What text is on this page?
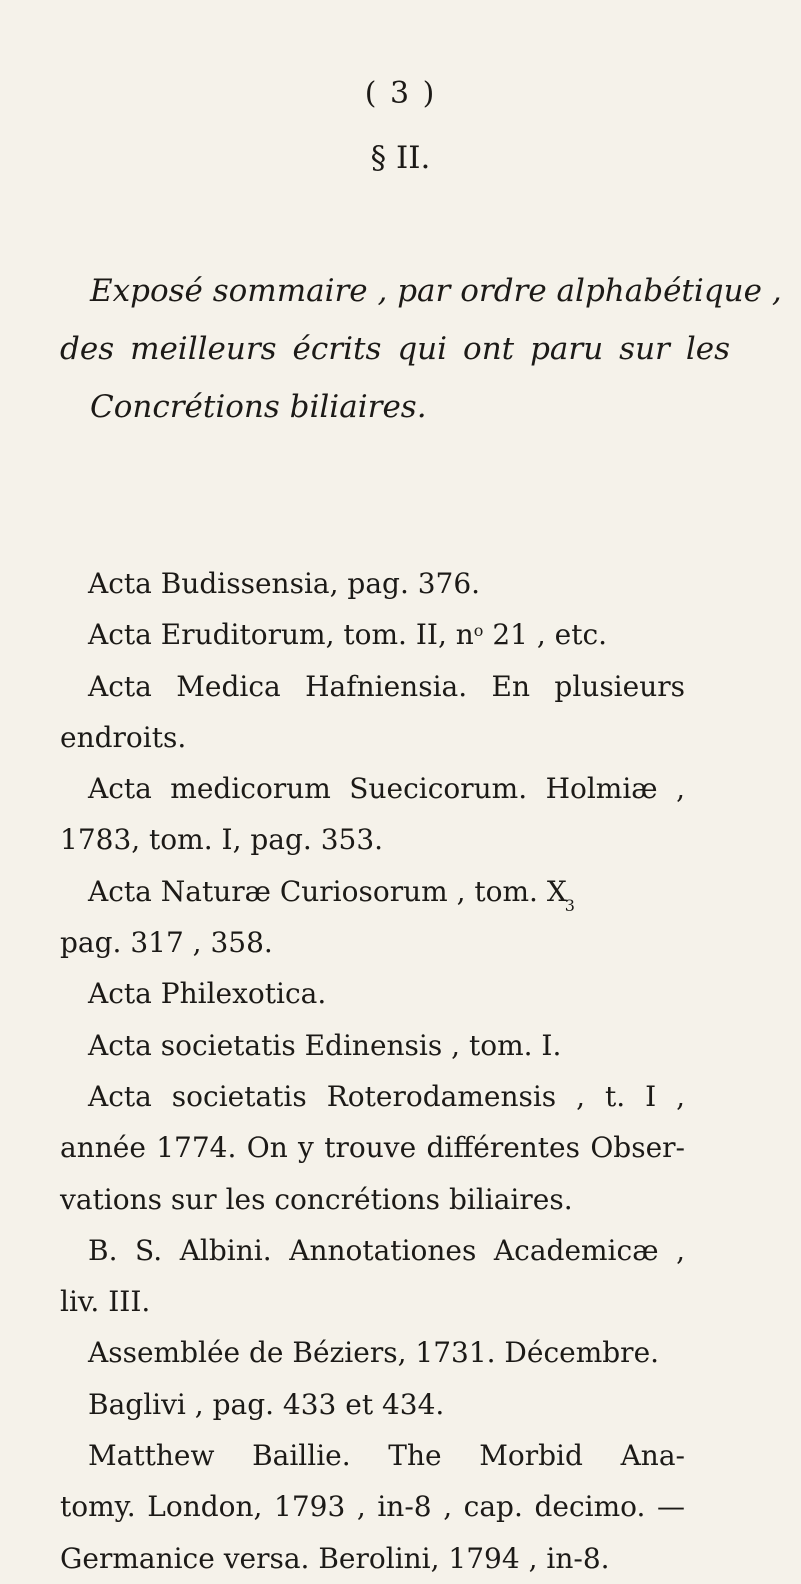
( 3 )
§ II.
Exposé sommaire , par ordre alphabétique ,
des meilleurs écrits qui ont paru sur les
Concrétions biliaires.
Acta Budissensia, pag. 376.
Acta Eruditorum, tom. II, $n^o$ 21 , etc.
Acta Medica Hafniensia. En plusieurs
endroits.
Acta medicorum Suecicorum. Holmiæ ,
1783, tom. I, pag. 353.
Acta Naturæ Curiosorum , tom. $X_3$
pag. 317 , 358.
Acta Philexotica.
Acta societatis Edinensis , tom. I.
Acta societatis Roterodamensis , t. I ,
année 1774. On y trouve différentes Obser-
vations sur les concrétions biliaires.
B. S. Albini. Annotationes Academicæ ,
liv. III.
Assemblée de Béziers, 1731. Décembre.
Baglivi , pag. 433 et 434.
Matthew Baillie. The Morbid Ana-
tomy. London, 1793 , in-8 , cap. decimo. —
Germanice versa. Berolini, 1794 , in-8.
